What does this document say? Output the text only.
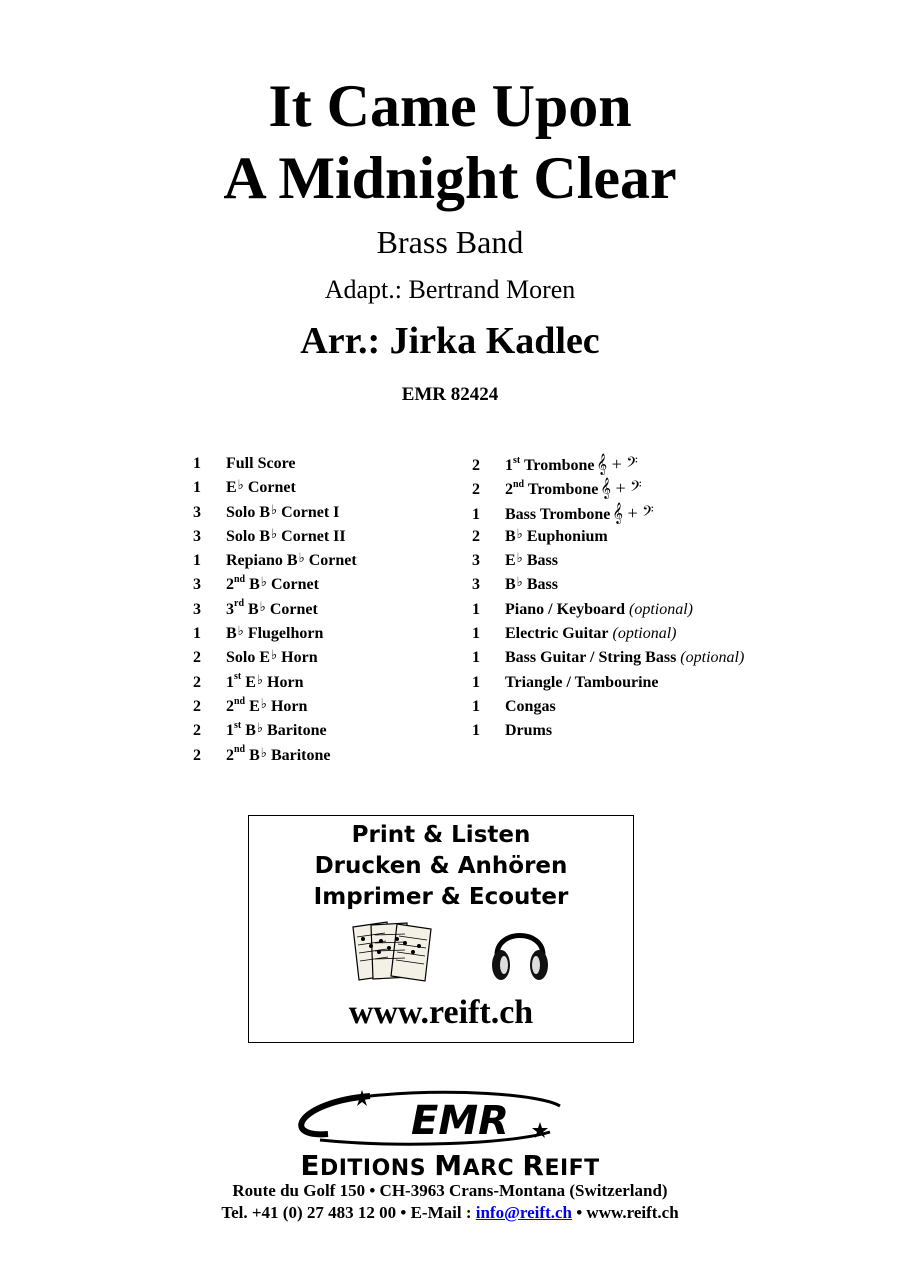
It Came Upon
A Midnight Clear
Brass Band
Adapt.: Bertrand Moren
Arr.: Jirka Kadlec
EMR 82424
1 Full Score
1 E♭ Cornet
3 Solo B♭ Cornet I
3 Solo B♭ Cornet II
1 Repiano B♭ Cornet
3 2nd B♭ Cornet
3 3rd B♭ Cornet
1 B♭ Flugelhorn
2 Solo E♭ Horn
2 1st E♭ Horn
2 2nd E♭ Horn
2 1st B♭ Baritone
2 2nd B♭ Baritone
2 1st Trombone 𝄞 + 𝄢
2 2nd Trombone 𝄞 + 𝄢
1 Bass Trombone 𝄞 + 𝄢
2 B♭ Euphonium
3 E♭ Bass
3 B♭ Bass
1 Piano / Keyboard (optional)
1 Electric Guitar (optional)
1 Bass Guitar / String Bass (optional)
1 Triangle / Tambourine
1 Congas
1 Drums
Print & Listen
Drucken & Anhören
Imprimer & Ecouter
www.reift.ch
EMR
EDITIONS MARC REIFT
Route du Golf 150 • CH-3963 Crans-Montana (Switzerland)
Tel. +41 (0) 27 483 12 00 • E-Mail : info@reift.ch • www.reift.ch
